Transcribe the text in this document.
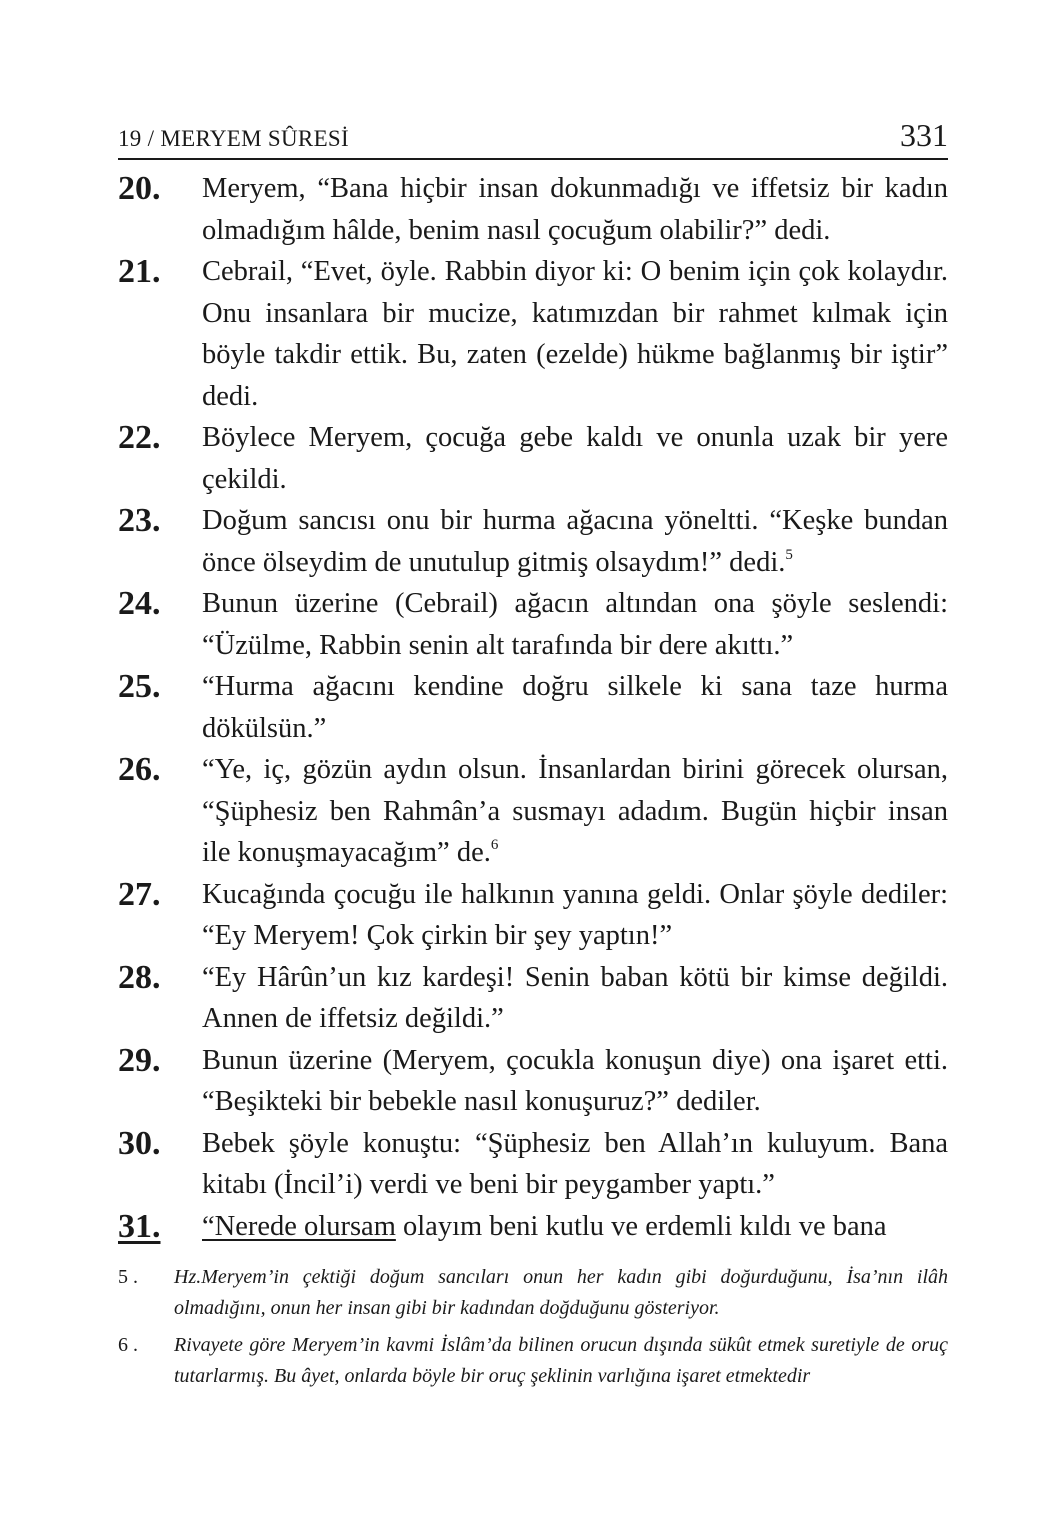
19 / MERYEM SÛRESİ	331
20. Meryem, “Bana hiçbir insan dokunmadığı ve iffetsiz bir kadın olmadığım hâlde, benim nasıl çocuğum olabilir?” dedi.
21. Cebrail, “Evet, öyle. Rabbin diyor ki: O benim için çok kolaydır. Onu insanlara bir mucize, katımızdan bir rahmet kılmak için böyle takdir ettik. Bu, zaten (ezelde) hükme bağlanmış bir iştir” dedi.
22. Böylece Meryem, çocuğa gebe kaldı ve onunla uzak bir yere çekildi.
23. Doğum sancısı onu bir hurma ağacına yöneltti. “Keşke bundan önce ölseydim de unutulup gitmiş olsaydım!” dedi.$^5$
24. Bunun üzerine (Cebrail) ağacın altından ona şöyle seslendi: “Üzülme, Rabbin senin alt tarafında bir dere akıttı.”
25. “Hurma ağacını kendine doğru silkele ki sana taze hurma dökülsün.”
26. “Ye, iç, gözün aydın olsun. İnsanlardan birini görecek olursan, “Şüphesiz ben Rahmân’a susmayı adadım. Bugün hiçbir insan ile konuşmayacağım” de.$^6$
27. Kucağında çocuğu ile halkının yanına geldi. Onlar şöyle dediler: “Ey Meryem! Çok çirkin bir şey yaptın!”
28. “Ey Hârûn’un kız kardeşi! Senin baban kötü bir kimse değildi. Annen de iffetsiz değildi.”
29. Bunun üzerine (Meryem, çocukla konuşun diye) ona işaret etti. “Beşikteki bir bebekle nasıl konuşuruz?” dediler.
30. Bebek şöyle konuştu: “Şüphesiz ben Allah’ın kuluyum. Bana kitabı (İncil’i) verdi ve beni bir peygamber yaptı.”
31. “Nerede olursam olayım beni kutlu ve erdemli kıldı ve bana
5 . Hz.Meryem’in çektiği doğum sancıları onun her kadın gibi doğurduğunu, İsa’nın ilâh olmadığını, onun her insan gibi bir kadından doğduğunu gösteriyor.
6 . Rivayete göre Meryem’in kavmi İslâm’da bilinen orucun dışında sükût etmek suretiyle de oruç tutarlarmış. Bu âyet, onlarda böyle bir oruç şeklinin varlığına işaret etmektedir
